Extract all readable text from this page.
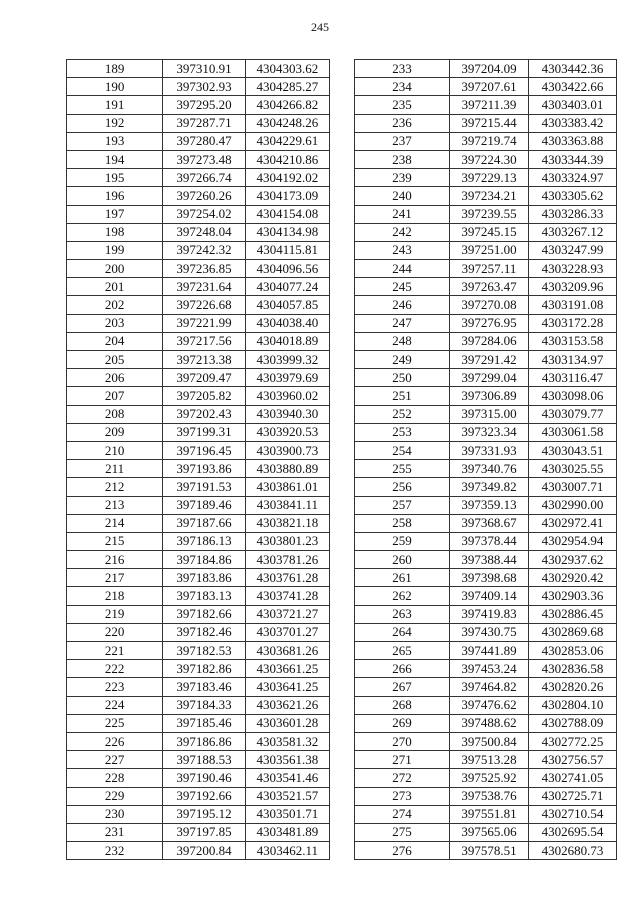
245
189	397310.91	4304303.62
190	397302.93	4304285.27
191	397295.20	4304266.82
192	397287.71	4304248.26
193	397280.47	4304229.61
194	397273.48	4304210.86
195	397266.74	4304192.02
196	397260.26	4304173.09
197	397254.02	4304154.08
198	397248.04	4304134.98
199	397242.32	4304115.81
200	397236.85	4304096.56
201	397231.64	4304077.24
202	397226.68	4304057.85
203	397221.99	4304038.40
204	397217.56	4304018.89
205	397213.38	4303999.32
206	397209.47	4303979.69
207	397205.82	4303960.02
208	397202.43	4303940.30
209	397199.31	4303920.53
210	397196.45	4303900.73
211	397193.86	4303880.89
212	397191.53	4303861.01
213	397189.46	4303841.11
214	397187.66	4303821.18
215	397186.13	4303801.23
216	397184.86	4303781.26
217	397183.86	4303761.28
218	397183.13	4303741.28
219	397182.66	4303721.27
220	397182.46	4303701.27
221	397182.53	4303681.26
222	397182.86	4303661.25
223	397183.46	4303641.25
224	397184.33	4303621.26
225	397185.46	4303601.28
226	397186.86	4303581.32
227	397188.53	4303561.38
228	397190.46	4303541.46
229	397192.66	4303521.57
230	397195.12	4303501.71
231	397197.85	4303481.89
232	397200.84	4303462.11
233	397204.09	4303442.36
234	397207.61	4303422.66
235	397211.39	4303403.01
236	397215.44	4303383.42
237	397219.74	4303363.88
238	397224.30	4303344.39
239	397229.13	4303324.97
240	397234.21	4303305.62
241	397239.55	4303286.33
242	397245.15	4303267.12
243	397251.00	4303247.99
244	397257.11	4303228.93
245	397263.47	4303209.96
246	397270.08	4303191.08
247	397276.95	4303172.28
248	397284.06	4303153.58
249	397291.42	4303134.97
250	397299.04	4303116.47
251	397306.89	4303098.06
252	397315.00	4303079.77
253	397323.34	4303061.58
254	397331.93	4303043.51
255	397340.76	4303025.55
256	397349.82	4303007.71
257	397359.13	4302990.00
258	397368.67	4302972.41
259	397378.44	4302954.94
260	397388.44	4302937.62
261	397398.68	4302920.42
262	397409.14	4302903.36
263	397419.83	4302886.45
264	397430.75	4302869.68
265	397441.89	4302853.06
266	397453.24	4302836.58
267	397464.82	4302820.26
268	397476.62	4302804.10
269	397488.62	4302788.09
270	397500.84	4302772.25
271	397513.28	4302756.57
272	397525.92	4302741.05
273	397538.76	4302725.71
274	397551.81	4302710.54
275	397565.06	4302695.54
276	397578.51	4302680.73
